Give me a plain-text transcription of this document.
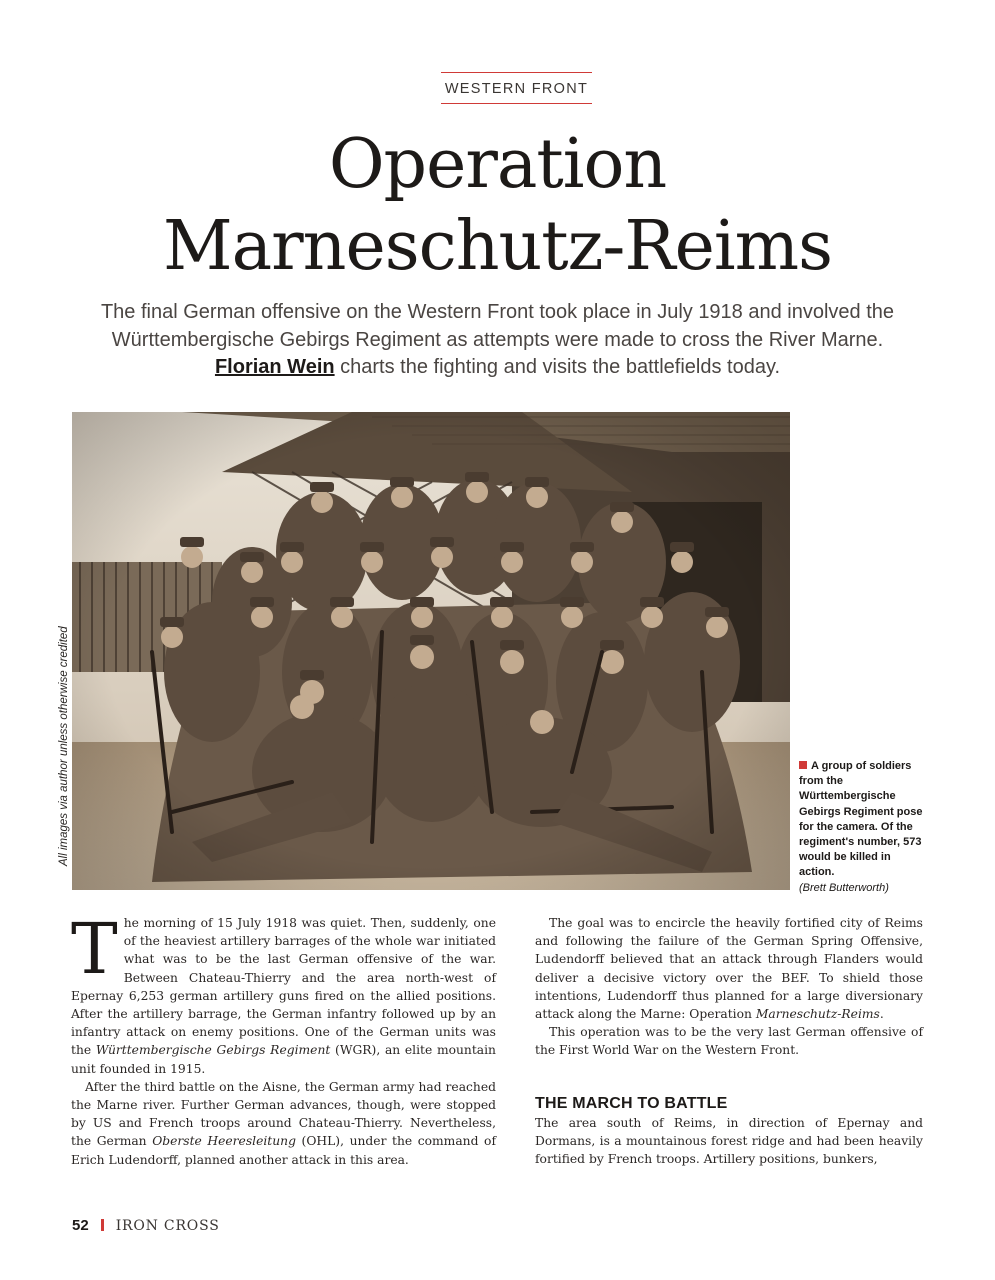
WESTERN FRONT
Operation
Marneschutz-Reims

The final German offensive on the Western Front took place in July 1918 and involved the Württembergische Gebirgs Regiment as attempts were made to cross the River Marne. Florian Wein charts the fighting and visits the battlefields today.

All images via author unless otherwise credited	A group of soldiers from the Württembergische Gebirgs Regiment pose for the camera. Of the regiment's number, 573 would be killed in action.
(Brett Butterworth)

The morning of 15 July 1918 was quiet. Then, suddenly, one of the heaviest artillery barrages of the whole war initiated what was to be the last German offensive of the war. Between Chateau-Thierry and the area north-west of Epernay 6,253 german artillery guns fired on the allied positions. After the artillery barrage, the German infantry followed up by an infantry attack on enemy positions. One of the German units was the Württembergische Gebirgs Regiment (WGR), an elite mountain unit founded in 1915.

After the third battle on the Aisne, the German army had reached the Marne river. Further German advances, though, were stopped by US and French troops around Chateau-Thierry. Nevertheless, the German Oberste Heeresleitung (OHL), under the command of Erich Ludendorff, planned another attack in this area.

The goal was to encircle the heavily fortified city of Reims and following the failure of the German Spring Offensive, Ludendorff believed that an attack through Flanders would deliver a decisive victory over the BEF. To shield those intentions, Ludendorff thus planned for a large diversionary attack along the Marne: Operation Marneschutz-Reims.

This operation was to be the very last German offensive of the First World War on the Western Front.

THE MARCH TO BATTLE

The area south of Reims, in direction of Epernay and Dormans, is a mountainous forest ridge and had been heavily fortified by French troops. Artillery positions, bunkers,

52 IRON CROSS
